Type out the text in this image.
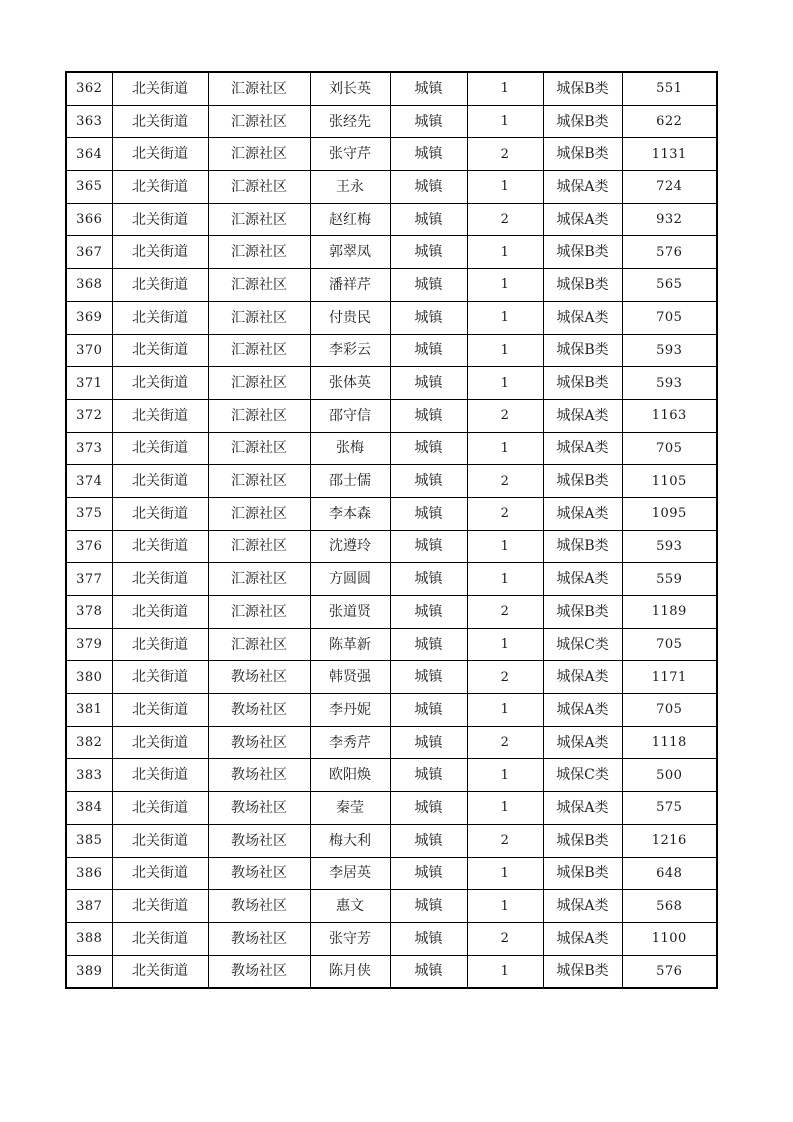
362	北关街道	汇源社区	刘长英	城镇	1	城保B类	551
363	北关街道	汇源社区	张经先	城镇	1	城保B类	622
364	北关街道	汇源社区	张守芹	城镇	2	城保B类	1131
365	北关街道	汇源社区	王永	城镇	1	城保A类	724
366	北关街道	汇源社区	赵红梅	城镇	2	城保A类	932
367	北关街道	汇源社区	郭翠凤	城镇	1	城保B类	576
368	北关街道	汇源社区	潘祥芹	城镇	1	城保B类	565
369	北关街道	汇源社区	付贵民	城镇	1	城保A类	705
370	北关街道	汇源社区	李彩云	城镇	1	城保B类	593
371	北关街道	汇源社区	张体英	城镇	1	城保B类	593
372	北关街道	汇源社区	邵守信	城镇	2	城保A类	1163
373	北关街道	汇源社区	张梅	城镇	1	城保A类	705
374	北关街道	汇源社区	邵士儒	城镇	2	城保B类	1105
375	北关街道	汇源社区	李本森	城镇	2	城保A类	1095
376	北关街道	汇源社区	沈遵玲	城镇	1	城保B类	593
377	北关街道	汇源社区	方圆圆	城镇	1	城保A类	559
378	北关街道	汇源社区	张道贤	城镇	2	城保B类	1189
379	北关街道	汇源社区	陈革新	城镇	1	城保C类	705
380	北关街道	教场社区	韩贤强	城镇	2	城保A类	1171
381	北关街道	教场社区	李丹妮	城镇	1	城保A类	705
382	北关街道	教场社区	李秀芹	城镇	2	城保A类	1118
383	北关街道	教场社区	欧阳焕	城镇	1	城保C类	500
384	北关街道	教场社区	秦莹	城镇	1	城保A类	575
385	北关街道	教场社区	梅大利	城镇	2	城保B类	1216
386	北关街道	教场社区	李居英	城镇	1	城保B类	648
387	北关街道	教场社区	惠文	城镇	1	城保A类	568
388	北关街道	教场社区	张守芳	城镇	2	城保A类	1100
389	北关街道	教场社区	陈月侠	城镇	1	城保B类	576
